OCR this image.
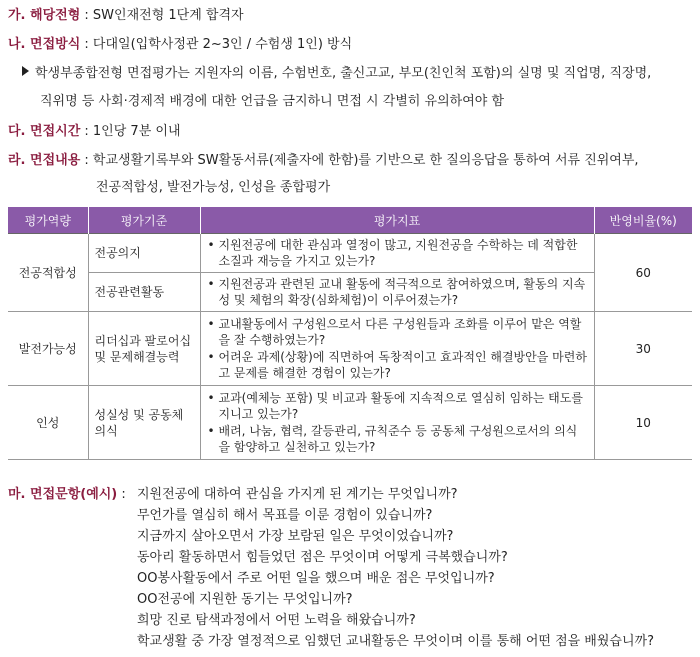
가. 해당전형 : SW인재전형 1단계 합격자
나. 면접방식 : 다대일(입학사정관 2~3인 / 수험생 1인) 방식
학생부종합전형 면접평가는 지원자의 이름, 수험번호, 출신고교, 부모(친인척 포함)의 실명 및 직업명, 직장명,
직위명 등 사회·경제적 배경에 대한 언급을 금지하니 면접 시 각별히 유의하여야 함
다. 면접시간 : 1인당 7분 이내
라. 면접내용 : 학교생활기록부와 SW활동서류(제출자에 한함)를 기반으로 한 질의응답을 통하여 서류 진위여부,
전공적합성, 발전가능성, 인성을 종합평가
평가역량	평가기준	평가지표	반영비율(%)
전공적합성	전공의지	• 지원전공에 대한 관심과 열정이 많고, 지원전공을 수학하는 데 적합한 소질과 재능을 가지고 있는가?	60
	전공관련활동	• 지원전공과 관련된 교내 활동에 적극적으로 참여하였으며, 활동의 지속성 및 체험의 확장(심화체험)이 이루어졌는가?

발전가능성	리더십과 팔로어십 및 문제해결능력	• 교내활동에서 구성원으로서 다른 구성원들과 조화를 이루어 맡은 역할을 잘 수행하였는가?
• 어려운 과제(상황)에 직면하여 독창적이고 효과적인 해결방안을 마련하고 문제를 해결한 경험이 있는가?	30
인성	성실성 및 공동체의식	• 교과(예체능 포함) 및 비교과 활동에 지속적으로 열심히 임하는 태도를 지니고 있는가?
• 배려, 나눔, 협력, 갈등관리, 규칙준수 등 공동체 구성원으로서의 의식을 함양하고 실천하고 있는가?	10
마. 면접문항(예시) : 지원전공에 대하여 관심을 가지게 된 계기는 무엇입니까?
무언가를 열심히 해서 목표를 이룬 경험이 있습니까?
지금까지 살아오면서 가장 보람된 일은 무엇이었습니까?
동아리 활동하면서 힘들었던 점은 무엇이며 어떻게 극복했습니까?
OO봉사활동에서 주로 어떤 일을 했으며 배운 점은 무엇입니까?
OO전공에 지원한 동기는 무엇입니까?
희망 진로 탐색과정에서 어떤 노력을 해왔습니까?
학교생활 중 가장 열정적으로 임했던 교내활동은 무엇이며 이를 통해 어떤 점을 배웠습니까?
